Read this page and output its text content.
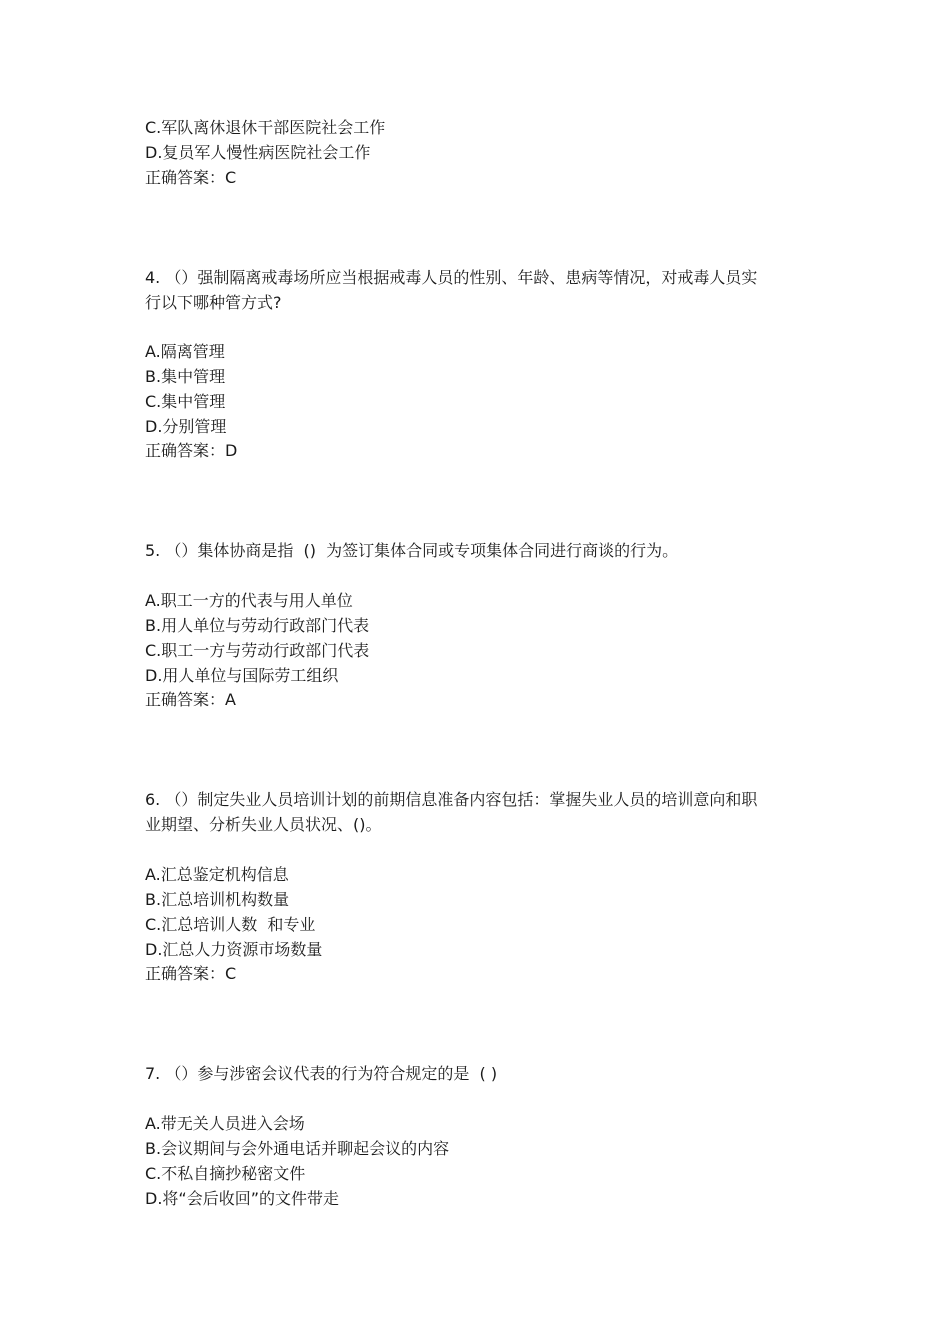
C.军队离休退休干部医院社会工作
D.复员军人慢性病医院社会工作
正确答案：C
4. （）强制隔离戒毒场所应当根据戒毒人员的性别、年龄、患病等情况，对戒毒人员实
行以下哪种管方式?
A.隔离管理
B.集中管理
C.集中管理
D.分别管理
正确答案：D
5. （）集体协商是指  ()  为签订集体合同或专项集体合同进行商谈的行为。
A.职工一方的代表与用人单位
B.用人单位与劳动行政部门代表
C.职工一方与劳动行政部门代表
D.用人单位与国际劳工组织
正确答案：A
6. （）制定失业人员培训计划的前期信息准备内容包括：掌握失业人员的培训意向和职
业期望、分析失业人员状况、()。
A.汇总鉴定机构信息
B.汇总培训机构数量
C.汇总培训人数  和专业
D.汇总人力资源市场数量
正确答案：C
7. （）参与涉密会议代表的行为符合规定的是  ( )
A.带无关人员进入会场
B.会议期间与会外通电话并聊起会议的内容
C.不私自摘抄秘密文件
D.将“会后收回”的文件带走
